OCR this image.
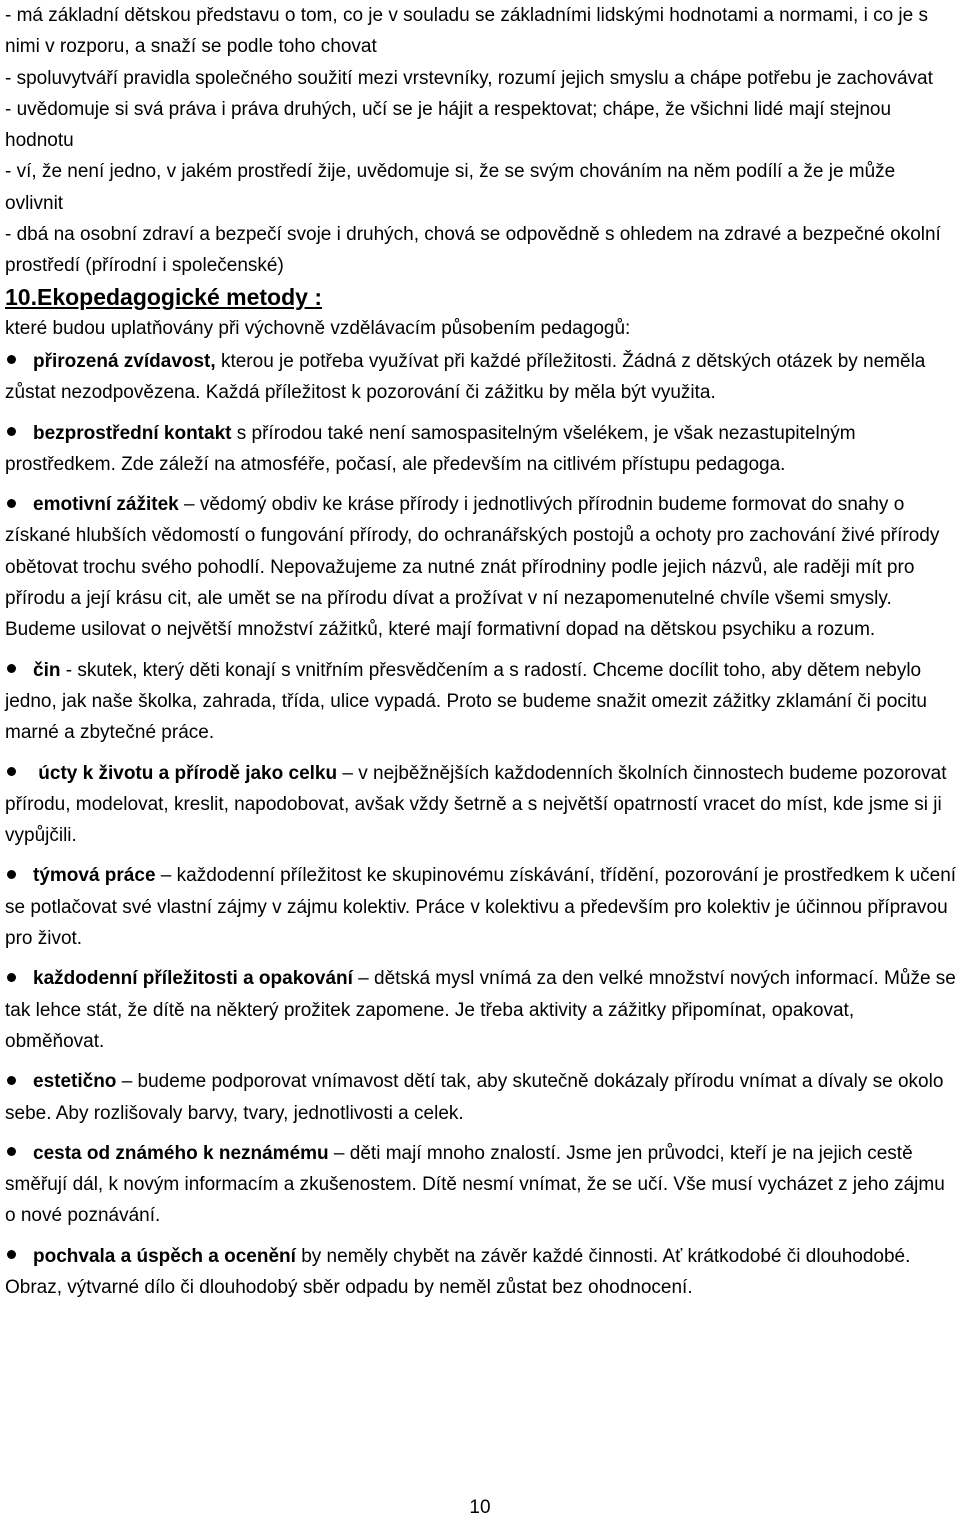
- má základní dětskou představu o tom, co je v souladu se základními lidskými hodnotami a normami, i co je s nimi v rozporu, a snaží se podle toho chovat

- spoluvytváří pravidla společného soužití mezi vrstevníky, rozumí jejich smyslu a chápe potřebu je zachovávat

- uvědomuje si svá práva i práva druhých, učí se je hájit a respektovat; chápe, že všichni lidé mají stejnou hodnotu

- ví, že není jedno, v jakém prostředí žije, uvědomuje si, že se svým chováním na něm podílí a že je může ovlivnit

- dbá na osobní zdraví a bezpečí svoje i druhých, chová se odpovědně s ohledem na zdravé a bezpečné okolní prostředí (přírodní i společenské)

10.Ekopedagogické metody :

které budou uplatňovány při výchovně vzdělávacím působením pedagogů:

přirozená zvídavost, kterou je potřeba využívat při každé příležitosti. Žádná z dětských otázek by neměla zůstat nezodpovězena. Každá příležitost k pozorování či zážitku by měla být využita.

bezprostřední kontakt s přírodou také není samospasitelným všelékem, je však nezastupitelným prostředkem. Zde záleží na atmosféře, počasí, ale především na citlivém přístupu pedagoga.

emotivní zážitek – vědomý obdiv ke kráse přírody i jednotlivých přírodnin budeme formovat do snahy o získané hlubších vědomostí o fungování přírody, do ochranářských postojů a ochoty pro zachování živé přírody obětovat trochu svého pohodlí. Nepovažujeme za nutné znát přírodniny podle jejich názvů, ale raději mít pro přírodu a její krásu cit, ale umět se na přírodu dívat a prožívat v ní nezapomenutelné chvíle všemi smysly. Budeme usilovat o největší množství zážitků, které mají formativní dopad na dětskou psychiku a rozum.

čin - skutek, který děti konají s vnitřním přesvědčením a s radostí. Chceme docílit toho, aby dětem nebylo jedno, jak naše školka, zahrada, třída, ulice vypadá. Proto se budeme snažit omezit zážitky zklamání či pocitu marné a zbytečné práce.

úcty k životu a přírodě jako celku – v nejběžnějších každodenních školních činnostech budeme pozorovat přírodu, modelovat, kreslit, napodobovat, avšak vždy šetrně a s největší opatrností vracet do míst, kde jsme si ji vypůjčili.

týmová práce – každodenní příležitost ke skupinovému získávání, třídění, pozorování je prostředkem k učení se potlačovat své vlastní zájmy v zájmu kolektiv. Práce v kolektivu a především pro kolektiv je účinnou přípravou pro život.

každodenní příležitosti a opakování – dětská mysl vnímá za den velké množství nových informací. Může se tak lehce stát, že dítě na některý prožitek zapomene. Je třeba aktivity a zážitky připomínat, opakovat, obměňovat.

estetično – budeme podporovat vnímavost dětí tak, aby skutečně dokázaly přírodu vnímat a dívaly se okolo sebe. Aby rozlišovaly barvy, tvary, jednotlivosti a celek.

cesta od známého k neznámému – děti mají mnoho znalostí. Jsme jen průvodci, kteří je na jejich cestě směřují dál, k novým informacím a zkušenostem. Dítě nesmí vnímat, že se učí. Vše musí vycházet z jeho zájmu o nové poznávání.

pochvala a úspěch a ocenění by neměly chybět na závěr každé činnosti. Ať krátkodobé či dlouhodobé. Obraz, výtvarné dílo či dlouhodobý sběr odpadu by neměl zůstat bez ohodnocení.

10
